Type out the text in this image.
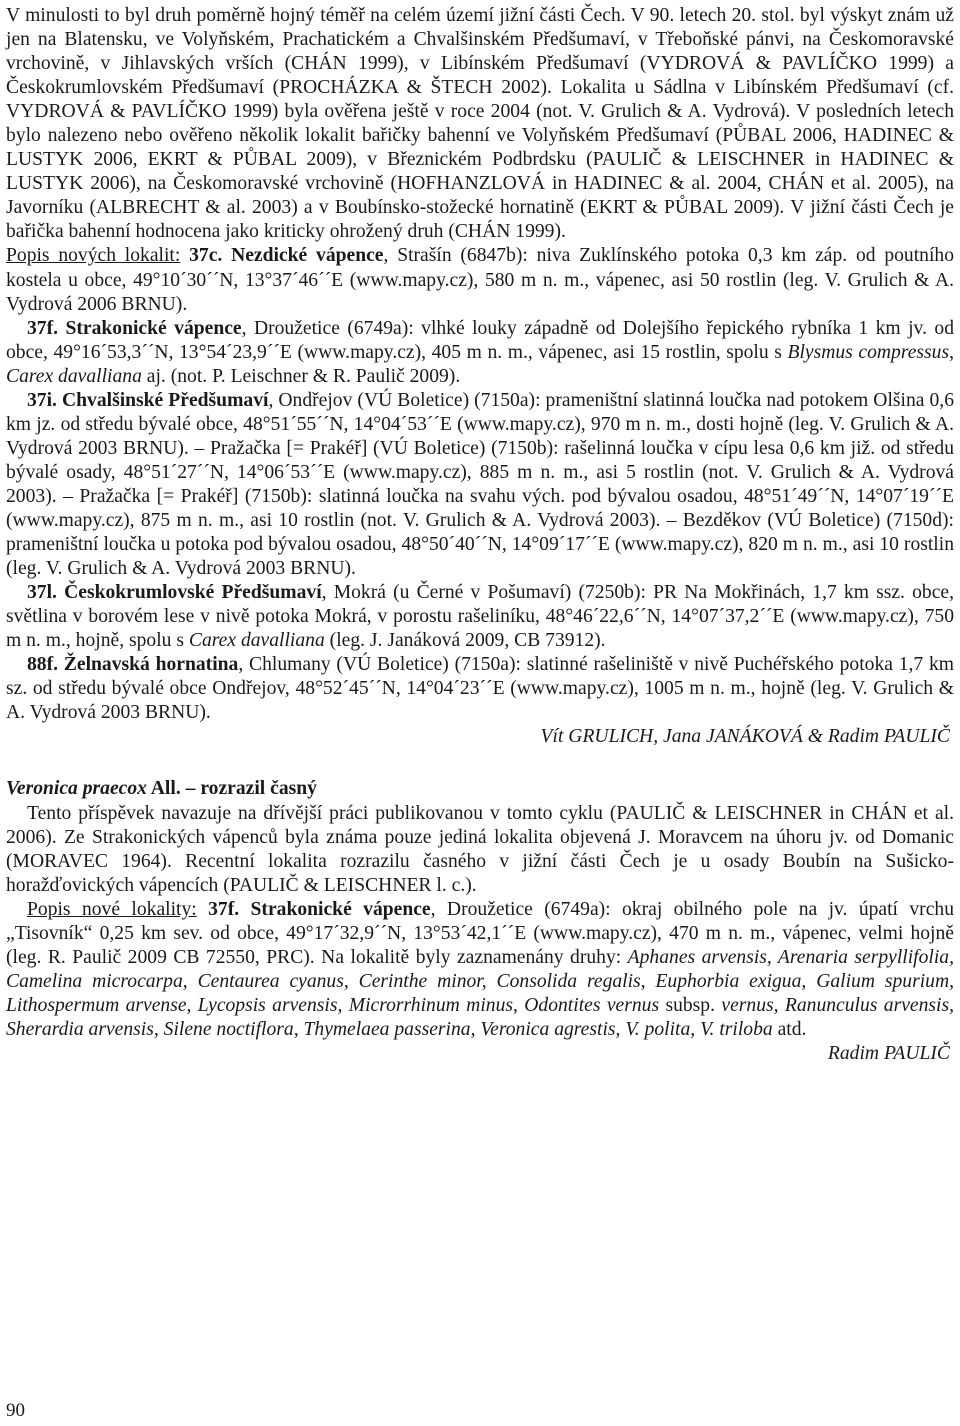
V minulosti to byl druh poměrně hojný téměř na celém území jižní části Čech. V 90. letech 20. stol. byl výskyt znám už jen na Blatensku, ve Volyňském, Prachatickém a Chvalšinském Předšumaví, v Třeboňské pánvi, na Českomoravské vrchovině, v Jihlavských vrších (CHÁN 1999), v Libínském Předšumaví (VYDROVÁ & PAVLÍČKO 1999) a Českokrumlovském Předšumaví (PROCHÁZKA & ŠTECH 2002). Lokalita u Sádlna v Libínském Předšumaví (cf. VYDROVÁ & PAVLÍČKO 1999) byla ověřena ještě v roce 2004 (not. V. Grulich & A. Vydrová). V posledních letech bylo nalezeno nebo ověřeno několik lokalit bařičky bahenní ve Volyňském Předšumaví (PŮBAL 2006, HADINEC & LUSTYK 2006, EKRT & PŮBAL 2009), v Březnickém Podbrdsku (PAULIČ & LEISCHNER in HADINEC & LUSTYK 2006), na Českomoravské vrchovině (HOFHANZLOVÁ in HADINEC & al. 2004, CHÁN et al. 2005), na Javorníku (ALBRECHT & al. 2003) a v Boubínsko-stožecké hornatině (EKRT & PŮBAL 2009). V jižní části Čech je bařička bahenní hodnocena jako kriticky ohrožený druh (CHÁN 1999).

Popis nových lokalit: 37c. Nezdické vápence, Strašín (6847b): niva Zuklínského potoka 0,3 km záp. od poutního kostela u obce, 49°10´30´´N, 13°37´46´´E (www.mapy.cz), 580 m n. m., vápenec, asi 50 rostlin (leg. V. Grulich & A. Vydrová 2006 BRNU).

37f. Strakonické vápence, Droužetice (6749a): vlhké louky západně od Dolejšího řepického rybníka 1 km jv. od obce, 49°16´53,3´´N, 13°54´23,9´´E (www.mapy.cz), 405 m n. m., vápenec, asi 15 rostlin, spolu s Blysmus compressus, Carex davalliana aj. (not. P. Leischner & R. Paulič 2009).

37i. Chvalšinské Předšumaví, Ondřejov (VÚ Boletice) (7150a): prameništní slatinná loučka nad potokem Olšina 0,6 km jz. od středu bývalé obce, 48°51´55´´N, 14°04´53´´E (www.mapy.cz), 970 m n. m., dosti hojně (leg. V. Grulich & A. Vydrová 2003 BRNU). – Pražačka [= Prakéř] (VÚ Boletice) (7150b): rašelinná loučka v cípu lesa 0,6 km již. od středu bývalé osady, 48°51´27´´N, 14°06´53´´E (www.mapy.cz), 885 m n. m., asi 5 rostlin (not. V. Grulich & A. Vydrová 2003). – Pražačka [= Prakéř] (7150b): slatinná loučka na svahu vých. pod bývalou osadou, 48°51´49´´N, 14°07´19´´E (www.mapy.cz), 875 m n. m., asi 10 rostlin (not. V. Grulich & A. Vydrová 2003). – Bezděkov (VÚ Boletice) (7150d): prameništní loučka u potoka pod bývalou osadou, 48°50´40´´N, 14°09´17´´E (www.mapy.cz), 820 m n. m., asi 10 rostlin (leg. V. Grulich & A. Vydrová 2003 BRNU).

37l. Českokrumlovské Předšumaví, Mokrá (u Černé v Pošumaví) (7250b): PR Na Mokřinách, 1,7 km ssz. obce, světlina v borovém lese v nivě potoka Mokrá, v porostu rašeliníku, 48°46´22,6´´N, 14°07´37,2´´E (www.mapy.cz), 750 m n. m., hojně, spolu s Carex davalliana (leg. J. Janáková 2009, CB 73912).

88f. Želnavská hornatina, Chlumany (VÚ Boletice) (7150a): slatinné rašeliniště v nivě Puchéřského potoka 1,7 km sz. od středu bývalé obce Ondřejov, 48°52´45´´N, 14°04´23´´E (www.mapy.cz), 1005 m n. m., hojně (leg. V. Grulich & A. Vydrová 2003 BRNU).

Vít GRULICH, Jana JANÁKOVÁ & Radim PAULIČ

Veronica praecox All. – rozrazil časný

Tento příspěvek navazuje na dřívější práci publikovanou v tomto cyklu (PAULIČ & LEISCHNER in CHÁN et al. 2006). Ze Strakonických vápenců byla známa pouze jediná lokalita objevená J. Moravcem na úhoru jv. od Domanic (MORAVEC 1964). Recentní lokalita rozrazilu časného v jižní části Čech je u osady Boubín na Sušicko-horažďovických vápencích (PAULIČ & LEISCHNER l. c.).

Popis nové lokality: 37f. Strakonické vápence, Droužetice (6749a): okraj obilného pole na jv. úpatí vrchu „Tisovník“ 0,25 km sev. od obce, 49°17´32,9´´N, 13°53´42,1´´E (www.mapy.cz), 470 m n. m., vápenec, velmi hojně (leg. R. Paulič 2009 CB 72550, PRC). Na lokalitě byly zaznamenány druhy: Aphanes arvensis, Arenaria serpyllifolia, Camelina microcarpa, Centaurea cyanus, Cerinthe minor, Consolida regalis, Euphorbia exigua, Galium spurium, Lithospermum arvense, Lycopsis arvensis, Microrrhinum minus, Odontites vernus subsp. vernus, Ranunculus arvensis, Sherardia arvensis, Silene noctiflora, Thymelaea passerina, Veronica agrestis, V. polita, V. triloba atd.

Radim PAULIČ

90
